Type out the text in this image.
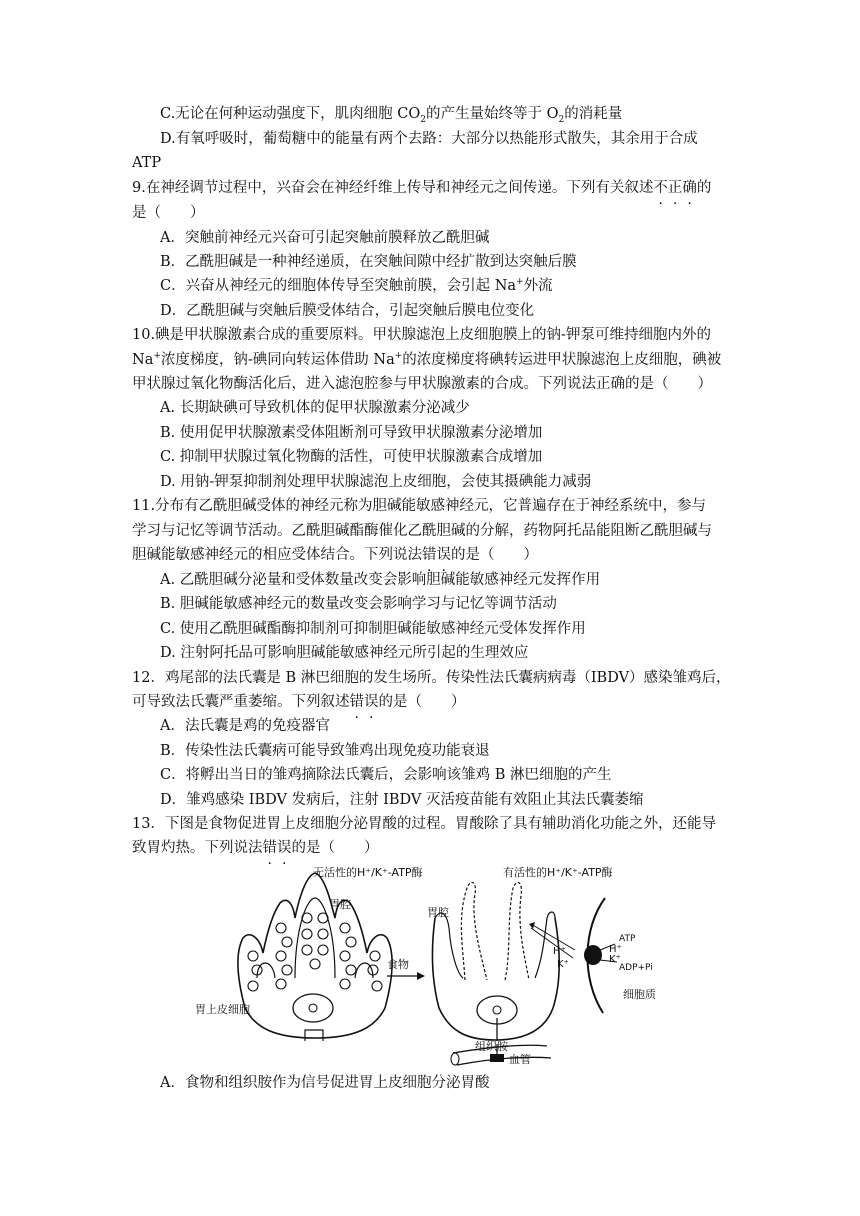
C.无论在何种运动强度下，肌肉细胞 $CO_2$的产生量始终等于 $O_2$的消耗量
D.有氧呼吸时，葡萄糖中的能量有两个去路：大部分以热能形式散失，其余用于合成
ATP
9.在神经调节过程中，兴奋会在神经纤维上传导和神经元之间传递。下列有关叙述不正确的
是（　　）
A．突触前神经元兴奋可引起突触前膜释放乙酰胆碱
B．乙酰胆碱是一种神经递质，在突触间隙中经扩散到达突触后膜
C．兴奋从神经元的细胞体传导至突触前膜，会引起 Na+外流
D．乙酰胆碱与突触后膜受体结合，引起突触后膜电位变化
10.碘是甲状腺激素合成的重要原料。甲状腺滤泡上皮细胞膜上的钠-钾泵可维持细胞内外的
Na+浓度梯度，钠-碘同向转运体借助 Na+的浓度梯度将碘转运进甲状腺滤泡上皮细胞，碘被
甲状腺过氧化物酶活化后，进入滤泡腔参与甲状腺激素的合成。下列说法正确的是（　　）
A. 长期缺碘可导致机体的促甲状腺激素分泌减少
B. 使用促甲状腺激素受体阻断剂可导致甲状腺激素分泌增加
C. 抑制甲状腺过氧化物酶的活性，可使甲状腺激素合成增加
D. 用钠-钾泵抑制剂处理甲状腺滤泡上皮细胞，会使其摄碘能力减弱
11.分布有乙酰胆碱受体的神经元称为胆碱能敏感神经元，它普遍存在于神经系统中，参与
学习与记忆等调节活动。乙酰胆碱酯酶催化乙酰胆碱的分解，药物阿托品能阻断乙酰胆碱与
胆碱能敏感神经元的相应受体结合。下列说法错误的是（　　）
A. 乙酰胆碱分泌量和受体数量改变会影响胆碱能敏感神经元发挥作用
B. 胆碱能敏感神经元的数量改变会影响学习与记忆等调节活动
C. 使用乙酰胆碱酯酶抑制剂可抑制胆碱能敏感神经元受体发挥作用
D. 注射阿托品可影响胆碱能敏感神经元所引起的生理效应
12．鸡尾部的法氏囊是 B 淋巴细胞的发生场所。传染性法氏囊病病毒（IBDV）感染雏鸡后，
可导致法氏囊严重萎缩。下列叙述错误的是（　　）
A．法氏囊是鸡的免疫器官
B．传染性法氏囊病可能导致雏鸡出现免疫功能衰退
C．将孵出当日的雏鸡摘除法氏囊后，会影响该雏鸡 B 淋巴细胞的产生
D．雏鸡感染 IBDV 发病后，注射 IBDV 灭活疫苗能有效阻止其法氏囊萎缩
13．下图是食物促进胃上皮细胞分泌胃酸的过程。胃酸除了具有辅助消化功能之外，还能导
致胃灼热。下列说法错误的是（　　）
无活性的H⁺/K⁺-ATP酶	有活性的H⁺/K⁺-ATP酶
胃腔
胃腔
食物
胃上皮细胞
组织胺
血管
细胞质
ATP
ADP+Pi
H⁺
K⁺
H⁺
K⁺
A．食物和组织胺作为信号促进胃上皮细胞分泌胃酸
